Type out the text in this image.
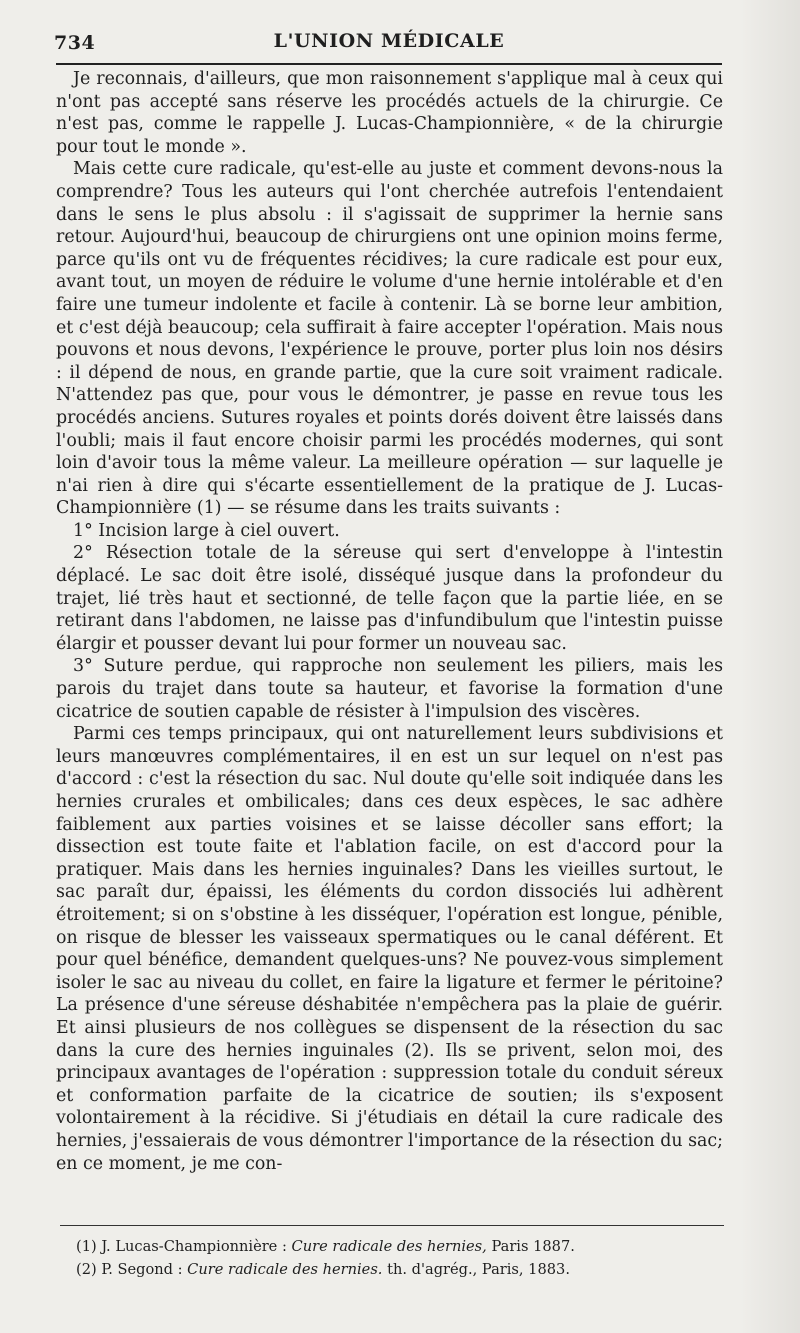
734	L'UNION MÉDICALE

Je reconnais, d'ailleurs, que mon raisonnement s'applique mal à ceux qui n'ont pas accepté sans réserve les procédés actuels de la chirurgie. Ce n'est pas, comme le rappelle J. Lucas-Championnière, « de la chirurgie pour tout le monde ».

Mais cette cure radicale, qu'est-elle au juste et comment devons-nous la comprendre? Tous les auteurs qui l'ont cherchée autrefois l'entendaient dans le sens le plus absolu : il s'agissait de supprimer la hernie sans retour. Aujourd'hui, beaucoup de chirurgiens ont une opinion moins ferme, parce qu'ils ont vu de fréquentes récidives; la cure radicale est pour eux, avant tout, un moyen de réduire le volume d'une hernie intolérable et d'en faire une tumeur indolente et facile à contenir. Là se borne leur ambition, et c'est déjà beaucoup; cela suffirait à faire accepter l'opération. Mais nous pouvons et nous devons, l'expérience le prouve, porter plus loin nos désirs : il dépend de nous, en grande partie, que la cure soit vraiment radicale. N'attendez pas que, pour vous le démontrer, je passe en revue tous les procédés anciens. Sutures royales et points dorés doivent être laissés dans l'oubli; mais il faut encore choisir parmi les procédés modernes, qui sont loin d'avoir tous la même valeur. La meilleure opération — sur laquelle je n'ai rien à dire qui s'écarte essentiellement de la pratique de J. Lucas-Championnière (1) — se résume dans les traits suivants :

1° Incision large à ciel ouvert.

2° Résection totale de la séreuse qui sert d'enveloppe à l'intestin déplacé. Le sac doit être isolé, disséqué jusque dans la profondeur du trajet, lié très haut et sectionné, de telle façon que la partie liée, en se retirant dans l'abdomen, ne laisse pas d'infundibulum que l'intestin puisse élargir et pousser devant lui pour former un nouveau sac.

3° Suture perdue, qui rapproche non seulement les piliers, mais les parois du trajet dans toute sa hauteur, et favorise la formation d'une cicatrice de soutien capable de résister à l'impulsion des viscères.

Parmi ces temps principaux, qui ont naturellement leurs subdivisions et leurs manœuvres complémentaires, il en est un sur lequel on n'est pas d'accord : c'est la résection du sac. Nul doute qu'elle soit indiquée dans les hernies crurales et ombilicales; dans ces deux espèces, le sac adhère faiblement aux parties voisines et se laisse décoller sans effort; la dissection est toute faite et l'ablation facile, on est d'accord pour la pratiquer. Mais dans les hernies inguinales? Dans les vieilles surtout, le sac paraît dur, épaissi, les éléments du cordon dissociés lui adhèrent étroitement; si on s'obstine à les disséquer, l'opération est longue, pénible, on risque de blesser les vaisseaux spermatiques ou le canal déférent. Et pour quel bénéfice, demandent quelques-uns? Ne pouvez-vous simplement isoler le sac au niveau du collet, en faire la ligature et fermer le péritoine? La présence d'une séreuse déshabitée n'empêchera pas la plaie de guérir. Et ainsi plusieurs de nos collègues se dispensent de la résection du sac dans la cure des hernies inguinales (2). Ils se privent, selon moi, des principaux avantages de l'opération : suppression totale du conduit séreux et conformation parfaite de la cicatrice de soutien; ils s'exposent volontairement à la récidive. Si j'étudiais en détail la cure radicale des hernies, j'essaierais de vous démontrer l'importance de la résection du sac; en ce moment, je me con-

(1) J. Lucas-Championnière : Cure radicale des hernies, Paris 1887.

(2) P. Segond : Cure radicale des hernies. th. d'agrég., Paris, 1883.
